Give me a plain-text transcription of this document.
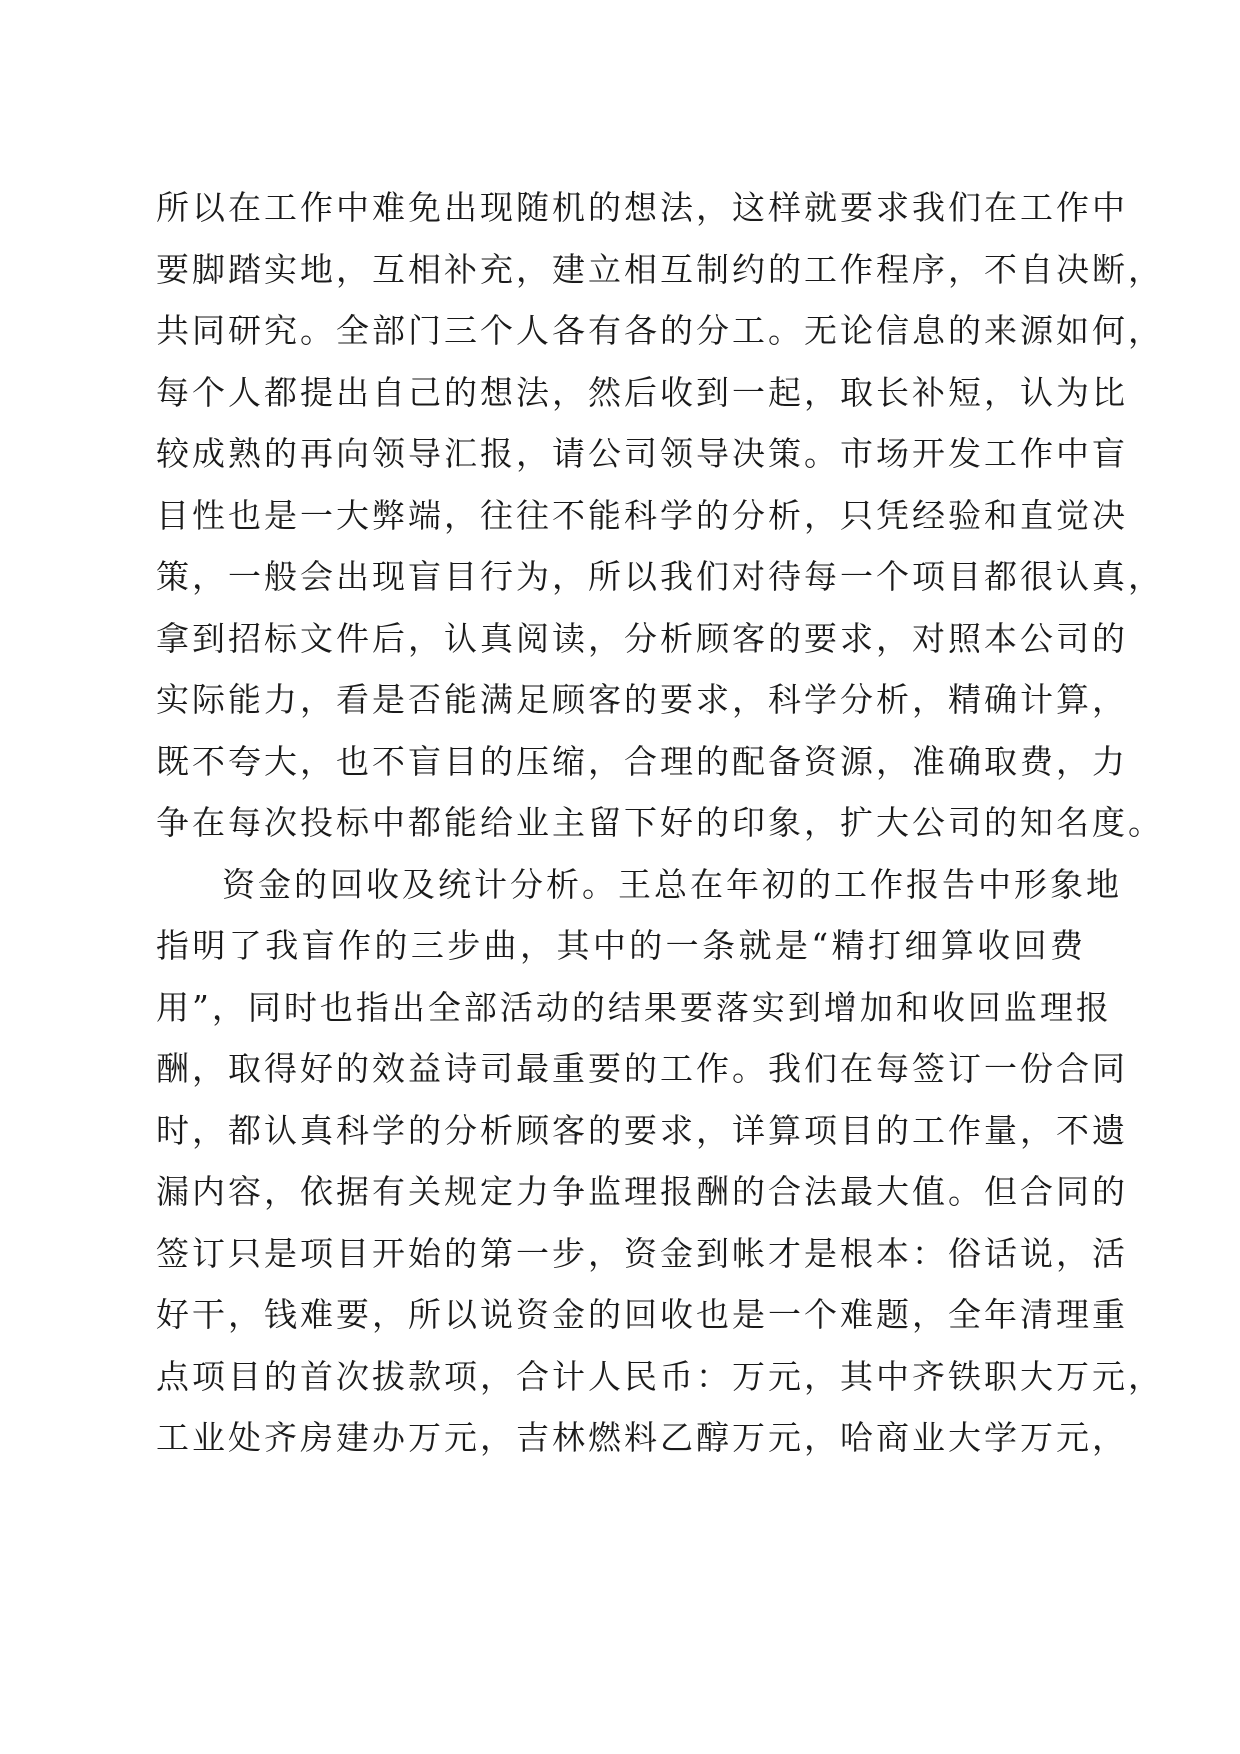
所以在工作中难免出现随机的想法，这样就要求我们在工作中
要脚踏实地，互相补充，建立相互制约的工作程序，不自决断，
共同研究。全部门三个人各有各的分工。无论信息的来源如何，
每个人都提出自己的想法，然后收到一起，取长补短，认为比
较成熟的再向领导汇报，请公司领导决策。市场开发工作中盲
目性也是一大弊端，往往不能科学的分析，只凭经验和直觉决
策，一般会出现盲目行为，所以我们对待每一个项目都很认真，
拿到招标文件后，认真阅读，分析顾客的要求，对照本公司的
实际能力，看是否能满足顾客的要求，科学分析，精确计算，
既不夸大，也不盲目的压缩，合理的配备资源，准确取费，力
争在每次投标中都能给业主留下好的印象，扩大公司的知名度。
资金的回收及统计分析。王总在年初的工作报告中形象地
指明了我盲作的三步曲，其中的一条就是“精打细算收回费
用”，同时也指出全部活动的结果要落实到增加和收回监理报
酬，取得好的效益诗司最重要的工作。我们在每签订一份合同
时，都认真科学的分析顾客的要求，详算项目的工作量，不遗
漏内容，依据有关规定力争监理报酬的合法最大值。但合同的
签订只是项目开始的第一步，资金到帐才是根本：俗话说，活
好干，钱难要，所以说资金的回收也是一个难题，全年清理重
点项目的首次拔款项，合计人民币：万元，其中齐铁职大万元，
工业处齐房建办万元，吉林燃料乙醇万元，哈商业大学万元，
